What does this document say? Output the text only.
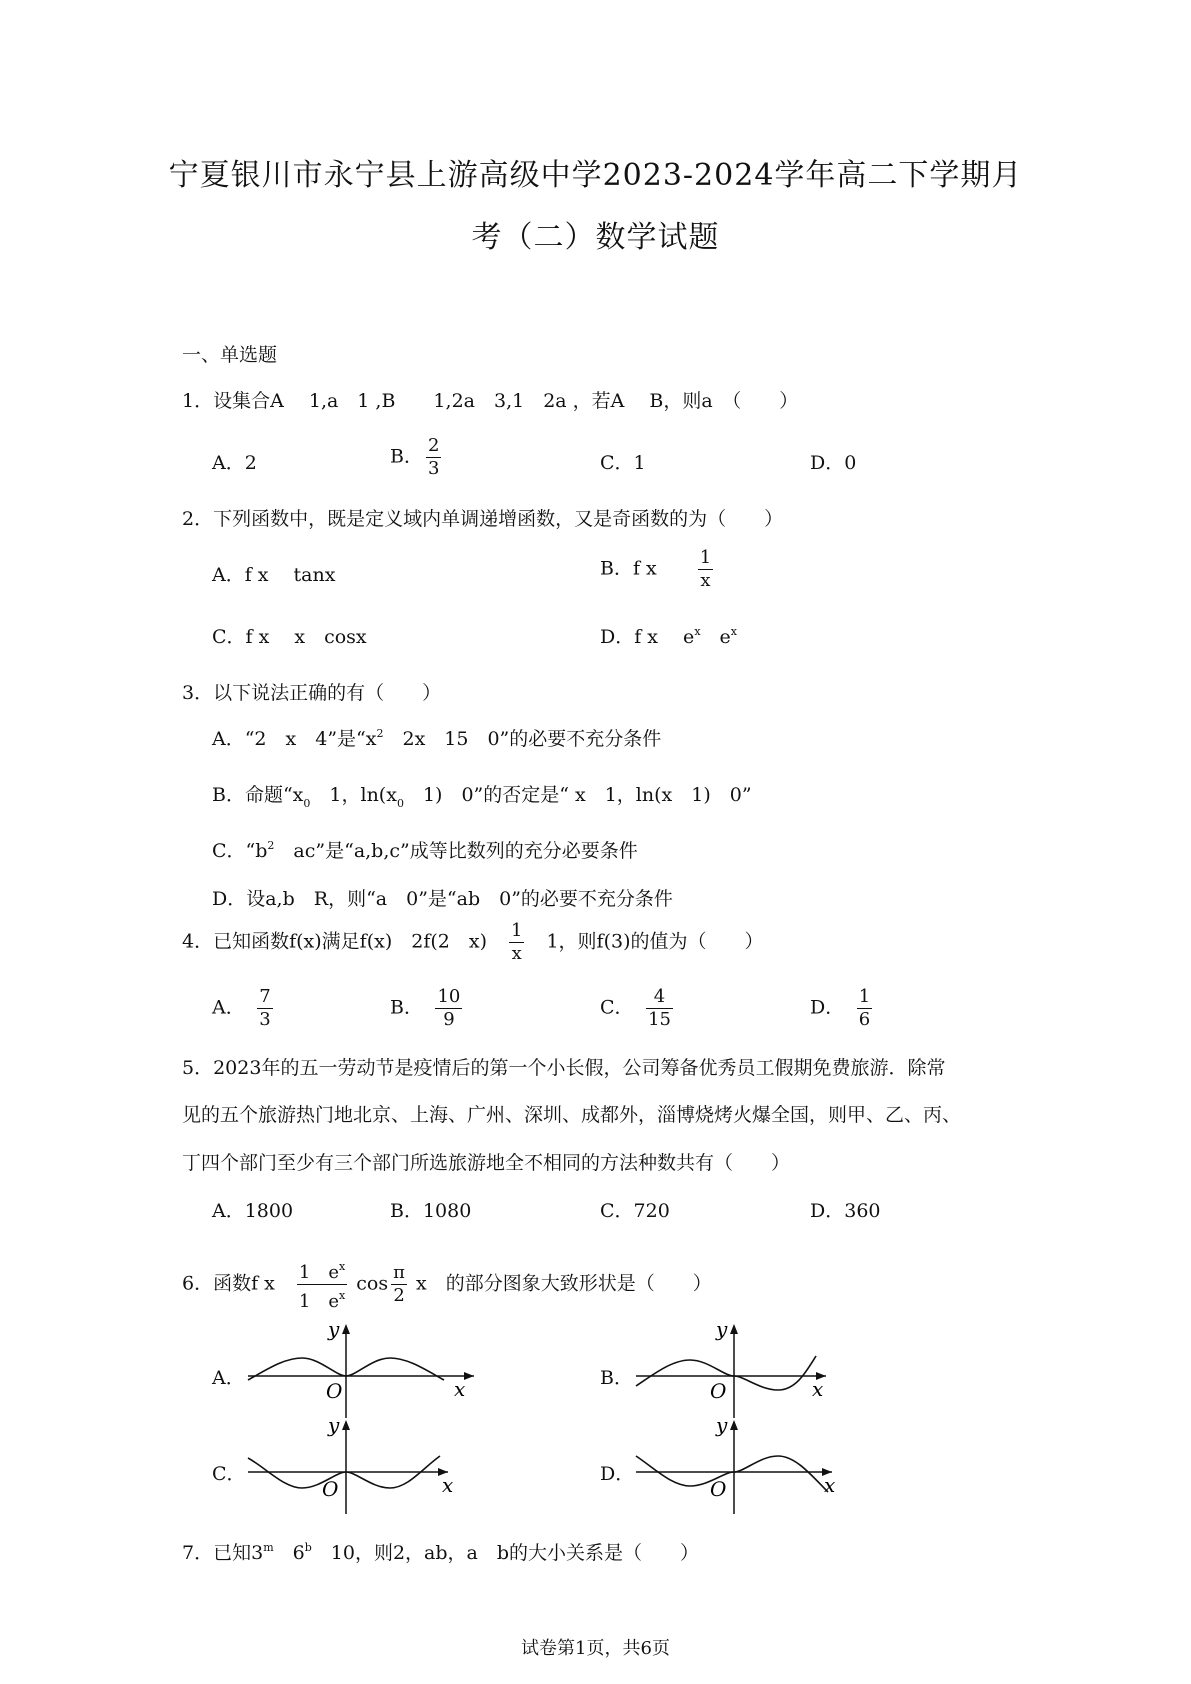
宁夏银川市永宁县上游高级中学2023-2024学年高二下学期月
考（二）数学试题
一、单选题
1．设集合A　 1,a　1 ,B　　1,2a　3,1　2a ，若A　 B，则a　（　　）
A．2	B． $\frac{2}{3}$	C．1	D．0
2．下列函数中，既是定义域内单调递增函数，又是奇函数的为（　　）
A．f x　 tanx	B．f x　　 $\frac{1}{x}$
C．f x　 x　cosx	D．f x　 $e^x$　$e^x$
3．以下说法正确的有（　　）
A．“2　x　4”是“$x^2$　2x　15　0”的必要不充分条件
B．命题“$x_0$　1，$\ln(x_0$　1)　0”的否定是“ x　1，ln(x　1)　0”
C．“$b^2$　ac”是“a,b,c”成等比数列的充分必要条件
D．设a,b　R，则“a　0”是“ab　0”的必要不充分条件
4．已知函数f(x)满足f(x)　2f(2　x)　 $\frac{1}{x}$
　 1，则f(3)的值为（　　）
A．　 $\frac{7}{3}$	B．　 $\frac{10}{9}$	C．　 $\frac{4}{15}$	D．　 $\frac{1}{6}$
5．2023年的五一劳动节是疫情后的第一个小长假，公司筹备优秀员工假期免费旅游．除常
见的五个旅游热门地北京、上海、广州、深圳、成都外，淄博烧烤火爆全国，则甲、乙、丙、
丁四个部门至少有三个部门所选旅游地全不相同的方法种数共有（　　）
A．1800	B．1080	C．720	D．360
6．函数f x　 $\frac{1 e^x}{1 e^x}$ $\cos \frac{\pi}{2}$ x　的部分图象大致形状是（　　）
A．	B．
C．	D．
y
O	x
y
O	x
y
O	x
y
O	x
7．已知3$^m$　6$^b$　10，则2，ab，a　b的大小关系是（　　）
试卷第1页，共6页
